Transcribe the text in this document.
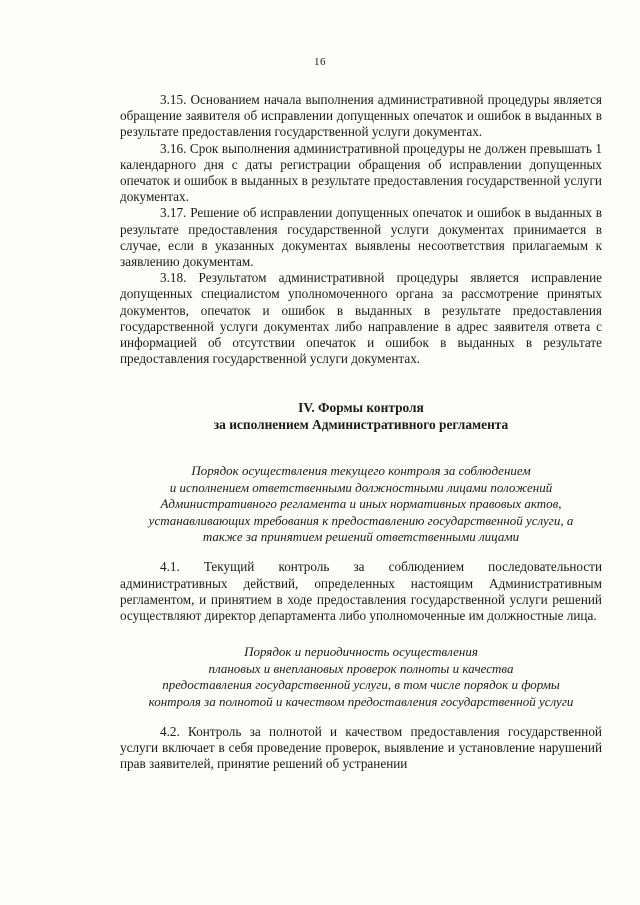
16

3.15. Основанием начала выполнения административной процедуры является обращение заявителя об исправлении допущенных опечаток и ошибок в выданных в результате предоставления государственной услуги документах.

3.16. Срок выполнения административной процедуры не должен превышать 1 календарного дня с даты регистрации обращения об исправлении допущенных опечаток и ошибок в выданных в результате предоставления государственной услуги документах.

3.17. Решение об исправлении допущенных опечаток и ошибок в выданных в результате предоставления государственной услуги документах принимается в случае, если в указанных документах выявлены несоответствия прилагаемым к заявлению документам.

3.18. Результатом административной процедуры является исправление допущенных специалистом уполномоченного органа за рассмотрение принятых документов, опечаток и ошибок в выданных в результате предоставления государственной услуги документах либо направление в адрес заявителя ответа с информацией об отсутствии опечаток и ошибок в выданных в результате предоставления государственной услуги документах.

IV. Формы контроля
за исполнением Административного регламента
Порядок осуществления текущего контроля за соблюдением
и исполнением ответственными должностными лицами положений
Административного регламента и иных нормативных правовых актов,
устанавливающих требования к предоставлению государственной услуги, а
также за принятием решений ответственными лицами

4.1. Текущий контроль за соблюдением последовательности административных действий, определенных настоящим Административным регламентом, и принятием в ходе предоставления государственной услуги решений осуществляют директор департамента либо уполномоченные им должностные лица.

Порядок и периодичность осуществления
плановых и внеплановых проверок полноты и качества
предоставления государственной услуги, в том числе порядок и формы
контроля за полнотой и качеством предоставления государственной услуги

4.2. Контроль за полнотой и качеством предоставления государственной услуги включает в себя проведение проверок, выявление и установление нарушений прав заявителей, принятие решений об устранении
